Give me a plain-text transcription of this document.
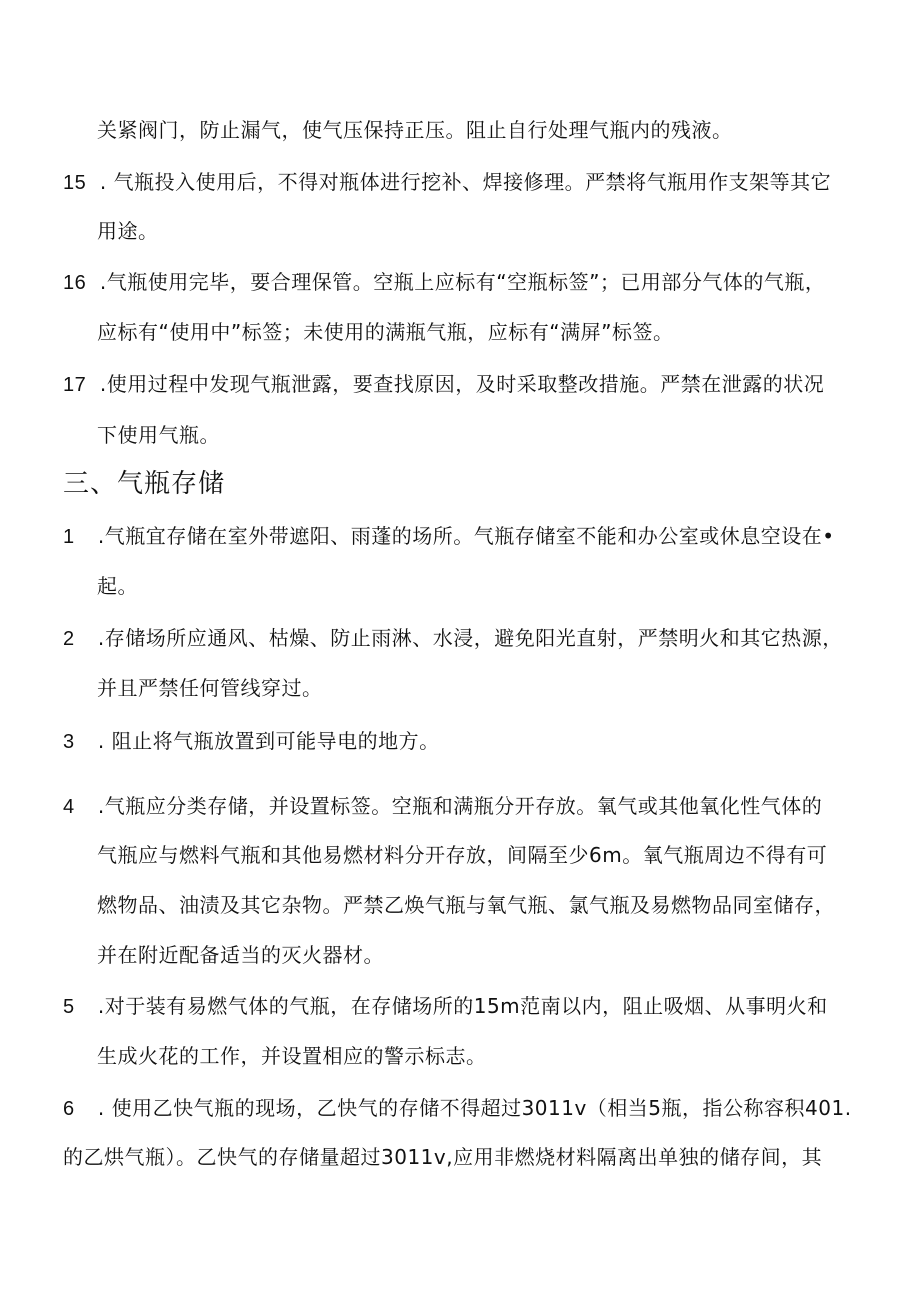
关紧阀门，防止漏气，使气压保持正压。阻止自行处理气瓶内的残液。
15 . 气瓶投入使用后，不得对瓶体进行挖补、焊接修理。严禁将气瓶用作支架等其它
用途。
16 .气瓶使用完毕，要合理保管。空瓶上应标有“空瓶标签”；已用部分气体的气瓶，
应标有“使用中”标签；未使用的满瓶气瓶，应标有“满屏”标签。
17 .使用过程中发现气瓶泄露，要查找原因，及时采取整改措施。严禁在泄露的状况
下使用气瓶。
三、气瓶存储
1 .气瓶宜存储在室外带遮阳、雨蓬的场所。气瓶存储室不能和办公室或休息空设在•
起。
2 .存储场所应通风、枯燥、防止雨淋、水浸，避免阳光直射，严禁明火和其它热源，
并且严禁任何管线穿过。
3 . 阻止将气瓶放置到可能导电的地方。
4 .气瓶应分类存储，并设置标签。空瓶和满瓶分开存放。氧气或其他氧化性气体的
气瓶应与燃料气瓶和其他易燃材料分开存放，间隔至少6m。氧气瓶周边不得有可
燃物品、油渍及其它杂物。严禁乙焕气瓶与氧气瓶、氯气瓶及易燃物品同室储存，
并在附近配备适当的灭火器材。
5 .对于装有易燃气体的气瓶，在存储场所的15m范南以内，阻止吸烟、从事明火和
生成火花的工作，并设置相应的警示标志。
6 . 使用乙快气瓶的现场，乙快气的存储不得超过3011v（相当5瓶，指公称容积401.
的乙烘气瓶）。乙快气的存储量超过3011v,应用非燃烧材料隔离出单独的储存间，其
